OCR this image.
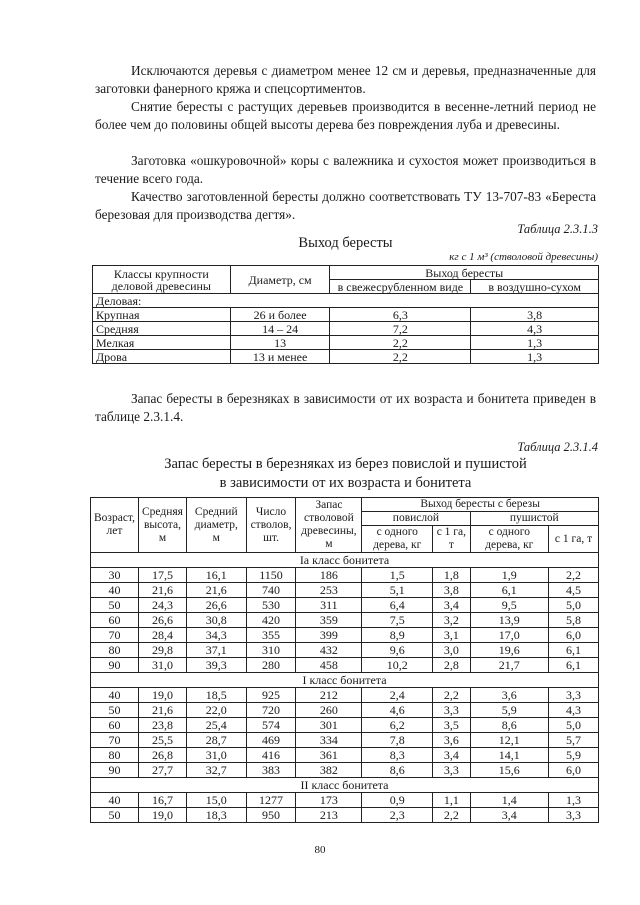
Исключаются деревья с диаметром менее 12 см и деревья, предназначенные для заготовки фанерного кряжа и спецсортиментов.

Снятие бересты с растущих деревьев производится в весенне-летний период не более чем до половины общей высоты дерева без повреждения луба и древесины.

Заготовка «ошкуровочной» коры с валежника и сухостоя может производиться в течение всего года.

Качество заготовленной бересты должно соответствовать ТУ 13-707-83 «Береста березовая для производства дегтя».

Таблица 2.3.1.3

Выход бересты

кг с 1 м³ (стволовой древесины)
Классы крупности деловой древесины	Диаметр, см	Выход бересты	
		в свежесрубленном виде	в воздушно-сухом
Деловая:			
Крупная	26 и более	6,3	3,8
Средняя	14 – 24	7,2	4,3
Мелкая	13	2,2	1,3
Дрова	13 и менее	2,2	1,3

Запас бересты в березняках в зависимости от их возраста и бонитета приведен в таблице 2.3.1.4.

Таблица 2.3.1.4

Запас бересты в березняках из берез повислой и пушистой

в зависимости от их возраста и бонитета

Возраст, лет	Средняя высота, м	Средний диаметр, м	Число стволов, шт.	Запас стволовой древесины, м	Выход бересты с березы			
					повислой		пушистой	
					с одного дерева, кг	с 1 га, т	с одного дерева, кг	с 1 га, т
Ia класс бонитета								
30	17,5	16,1	1150	186	1,5	1,8	1,9	2,2
40	21,6	21,6	740	253	5,1	3,8	6,1	4,5
50	24,3	26,6	530	311	6,4	3,4	9,5	5,0
60	26,6	30,8	420	359	7,5	3,2	13,9	5,8
70	28,4	34,3	355	399	8,9	3,1	17,0	6,0
80	29,8	37,1	310	432	9,6	3,0	19,6	6,1
90	31,0	39,3	280	458	10,2	2,8	21,7	6,1
I класс бонитета								
40	19,0	18,5	925	212	2,4	2,2	3,6	3,3
50	21,6	22,0	720	260	4,6	3,3	5,9	4,3
60	23,8	25,4	574	301	6,2	3,5	8,6	5,0
70	25,5	28,7	469	334	7,8	3,6	12,1	5,7
80	26,8	31,0	416	361	8,3	3,4	14,1	5,9
90	27,7	32,7	383	382	8,6	3,3	15,6	6,0
II класс бонитета								
40	16,7	15,0	1277	173	0,9	1,1	1,4	1,3
50	19,0	18,3	950	213	2,3	2,2	3,4	3,3
80
